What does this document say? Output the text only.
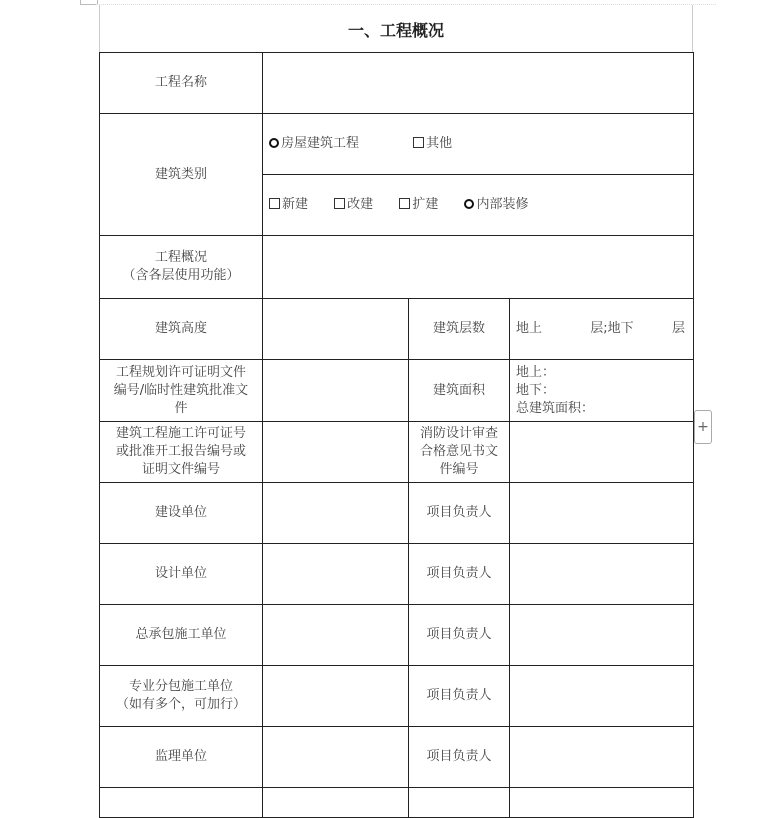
一、工程概况
工程名称			
建筑类别	房屋建筑工程 其他		
	新建 改建 扩建 内部装修		

工程概况
（含各层使用功能）			

建筑高度		建筑层数	地上 层;地下 层

工程规划许可证明文件
编号/临时性建筑批准文
件		建筑面积	地上：
地下：
总建筑面积：

建筑工程施工许可证号
或批准开工报告编号或
证明文件编号		消防设计审查
合格意见书文
件编号	

建设单位		项目负责人	
设计单位		项目负责人	
总承包施工单位		项目负责人	

专业分包施工单位
（如有多个，可加行）		项目负责人	
监理单位		项目负责人	

+
